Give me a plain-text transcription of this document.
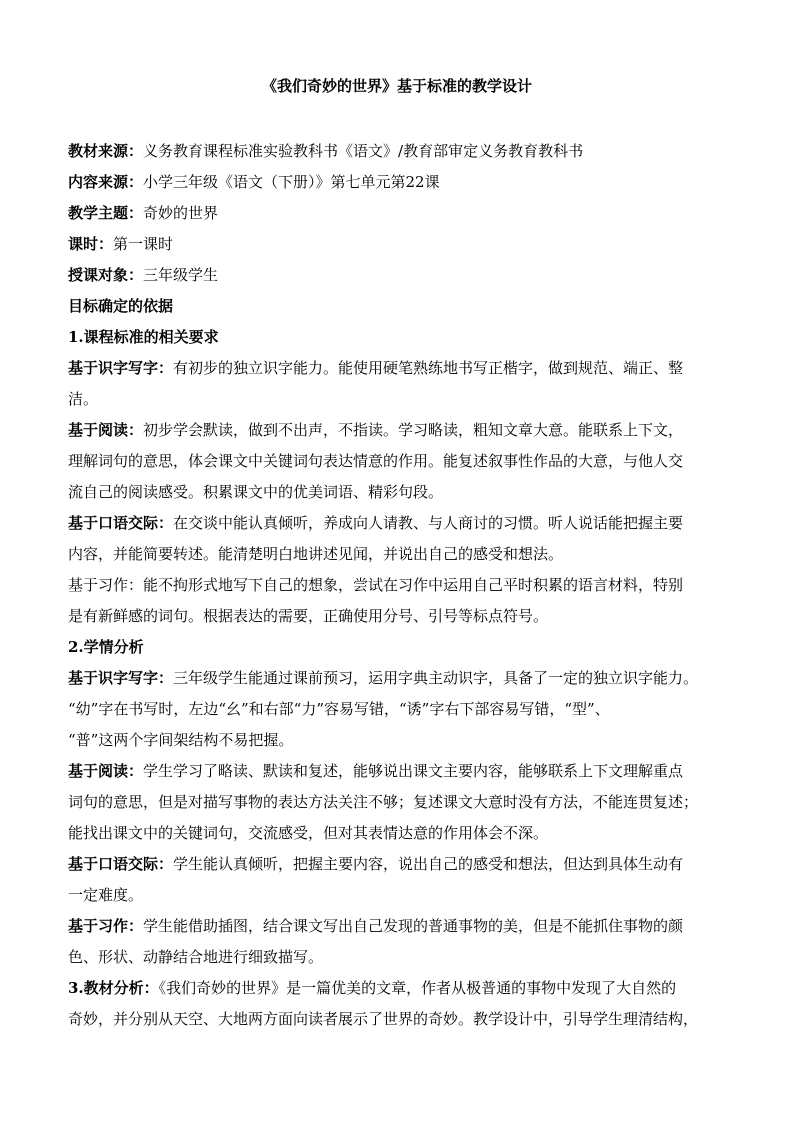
《我们奇妙的世界》基于标准的教学设计
教材来源：义务教育课程标准实验教科书《语文》/教育部审定义务教育教科书
内容来源：小学三年级《语文（下册）》第七单元第22课
教学主题：奇妙的世界
课时：第一课时
授课对象：三年级学生
目标确定的依据
1.课程标准的相关要求
基于识字写字：有初步的独立识字能力。能使用硬笔熟练地书写正楷字，做到规范、端正、整
洁。
基于阅读：初步学会默读，做到不出声，不指读。学习略读，粗知文章大意。能联系上下文，
理解词句的意思，体会课文中关键词句表达情意的作用。能复述叙事性作品的大意，与他人交
流自己的阅读感受。积累课文中的优美词语、精彩句段。
基于口语交际：在交谈中能认真倾听，养成向人请教、与人商讨的习惯。听人说话能把握主要
内容，并能简要转述。能清楚明白地讲述见闻，并说出自己的感受和想法。
基于习作：能不拘形式地写下自己的想象，尝试在习作中运用自己平时积累的语言材料，特别
是有新鲜感的词句。根据表达的需要，正确使用分号、引号等标点符号。
2.学情分析
基于识字写字：三年级学生能通过课前预习，运用字典主动识字，具备了一定的独立识字能力。
“幼”字在书写时，左边“幺”和右部“力”容易写错，“诱”字右下部容易写错，“型”、
“普”这两个字间架结构不易把握。
基于阅读：学生学习了略读、默读和复述，能够说出课文主要内容，能够联系上下文理解重点
词句的意思，但是对描写事物的表达方法关注不够；复述课文大意时没有方法，不能连贯复述；
能找出课文中的关键词句，交流感受，但对其表情达意的作用体会不深。
基于口语交际：学生能认真倾听，把握主要内容，说出自己的感受和想法，但达到具体生动有
一定难度。
基于习作：学生能借助插图，结合课文写出自己发现的普通事物的美，但是不能抓住事物的颜
色、形状、动静结合地进行细致描写。
3.教材分析：《我们奇妙的世界》是一篇优美的文章，作者从极普通的事物中发现了大自然的
奇妙，并分别从天空、大地两方面向读者展示了世界的奇妙。教学设计中，引导学生理清结构，
